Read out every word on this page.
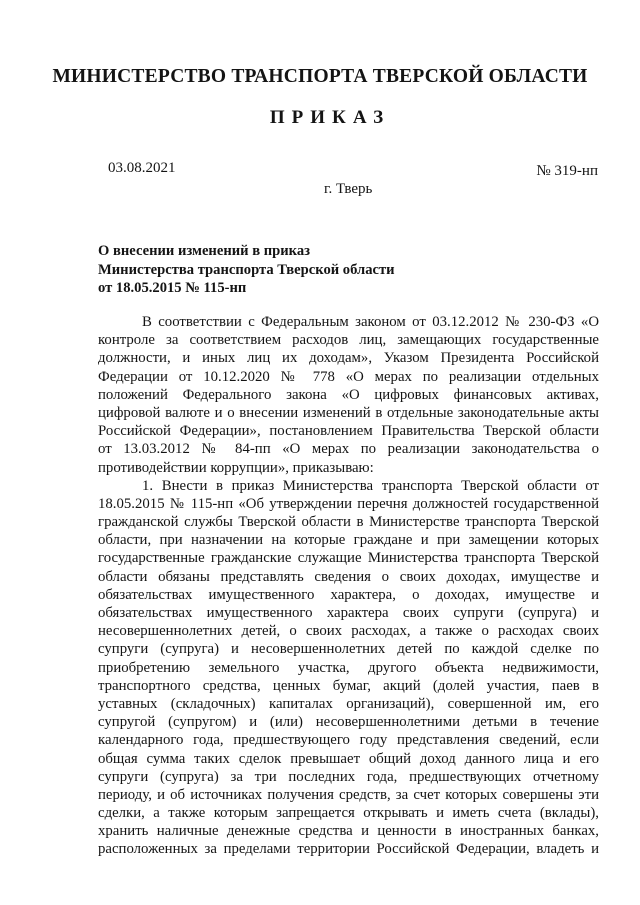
МИНИСТЕРСТВО ТРАНСПОРТА ТВЕРСКОЙ ОБЛАСТИ
ПРИКАЗ
03.08.2021	№ 319-нп
г. Тверь
О внесении изменений в приказ
Министерства транспорта Тверской области
от 18.05.2015 № 115-нп
В соответствии с Федеральным законом от 03.12.2012 № 230-ФЗ «О
контроле за соответствием расходов лиц, замещающих государственные
должности, и иных лиц их доходам», Указом Президента Российской
Федерации от 10.12.2020 № 778 «О мерах по реализации отдельных
положений Федерального закона «О цифровых финансовых активах,
цифровой валюте и о внесении изменений в отдельные законодательные акты
Российской Федерации», постановлением Правительства Тверской области
от 13.03.2012 № 84-пп «О мерах по реализации законодательства о
противодействии коррупции», приказываю:
1. Внести в приказ Министерства транспорта Тверской области от
18.05.2015 № 115-нп «Об утверждении перечня должностей государственной
гражданской службы Тверской области в Министерстве транспорта Тверской
области, при назначении на которые граждане и при замещении которых
государственные гражданские служащие Министерства транспорта Тверской
области обязаны представлять сведения о своих доходах, имуществе и
обязательствах имущественного характера, о доходах, имуществе и
обязательствах имущественного характера своих супруги (супруга) и
несовершеннолетних детей, о своих расходах, а также о расходах своих
супруги (супруга) и несовершеннолетних детей по каждой сделке по
приобретению земельного участка, другого объекта недвижимости,
транспортного средства, ценных бумаг, акций (долей участия, паев в
уставных (складочных) капиталах организаций), совершенной им, его
супругой (супругом) и (или) несовершеннолетними детьми в течение
календарного года, предшествующего году представления сведений, если
общая сумма таких сделок превышает общий доход данного лица и его
супруги (супруга) за три последних года, предшествующих отчетному
периоду, и об источниках получения средств, за счет которых совершены эти
сделки, а также которым запрещается открывать и иметь счета (вклады),
хранить наличные денежные средства и ценности в иностранных банках,
расположенных за пределами территории Российской Федерации, владеть и
